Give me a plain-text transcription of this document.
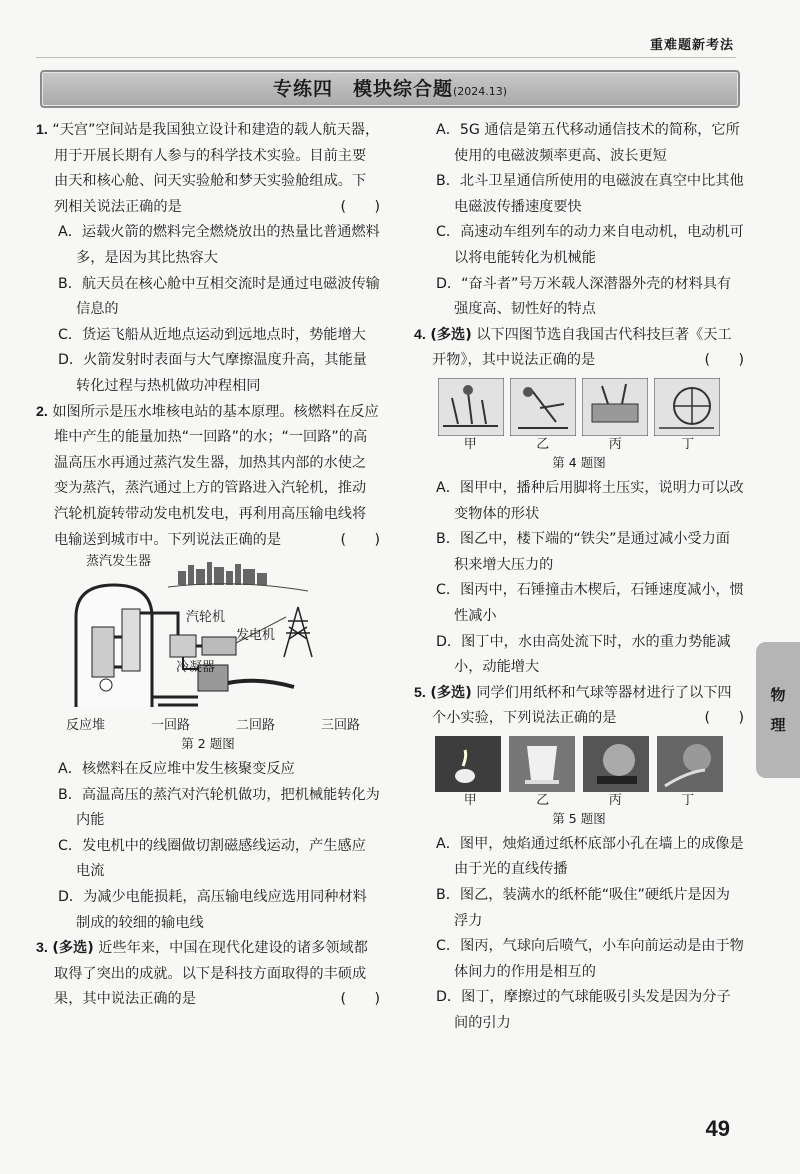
重难题新考法
专练四　模块综合题(2024.13)

1. “天宫”空间站是我国独立设计和建造的载人航天器，用于开展长期有人参与的科学技术实验。目前主要由天和核心舱、问天实验舱和梦天实验舱组成。下列相关说法正确的是	(　　)

A．运载火箭的燃料完全燃烧放出的热量比普通燃料多，是因为其比热容大

B．航天员在核心舱中互相交流时是通过电磁波传输信息的

C．货运飞船从近地点运动到远地点时，势能增大

D．火箭发射时表面与大气摩擦温度升高，其能量转化过程与热机做功冲程相同

2. 如图所示是压水堆核电站的基本原理。核燃料在反应堆中产生的能量加热“一回路”的水；“一回路”的高温高压水再通过蒸汽发生器，加热其内部的水使之变为蒸汽，蒸汽通过上方的管路进入汽轮机，推动汽轮机旋转带动发电机发电，再利用高压输电线将电输送到城市中。下列说法正确的是	(　　)

蒸汽发生器
汽轮机
发电机
冷凝器
反应堆	一回路	二回路	三回路
第 2 题图

A．核燃料在反应堆中发生核聚变反应

B．高温高压的蒸汽对汽轮机做功，把机械能转化为内能

C．发电机中的线圈做切割磁感线运动，产生感应电流

D．为减少电能损耗，高压输电线应选用同种材料制成的较细的输电线

3. (多选) 近些年来，中国在现代化建设的诸多领域都取得了突出的成就。以下是科技方面取得的丰硕成果，其中说法正确的是	(　　)

A．5G 通信是第五代移动通信技术的简称，它所使用的电磁波频率更高、波长更短

B．北斗卫星通信所使用的电磁波在真空中比其他电磁波传播速度要快

C．高速动车组列车的动力来自电动机，电动机可以将电能转化为机械能

D．“奋斗者”号万米载人深潜器外壳的材料具有强度高、韧性好的特点

4. (多选) 以下四图节选自我国古代科技巨著《天工开物》，其中说法正确的是	(　　)

甲	乙	丙	丁
第 4 题图

A．图甲中，播种后用脚将土压实，说明力可以改变物体的形状

B．图乙中，楼下端的“铁尖”是通过减小受力面积来增大压力的

C．图丙中，石锤撞击木楔后，石锤速度减小，惯性减小

D．图丁中，水由高处流下时，水的重力势能减小，动能增大

5. (多选) 同学们用纸杯和气球等器材进行了以下四个小实验，下列说法正确的是	(　　)

甲	乙	丙	丁
第 5 题图

A．图甲，烛焰通过纸杯底部小孔在墙上的成像是由于光的直线传播

B．图乙，装满水的纸杯能“吸住”硬纸片是因为浮力

C．图丙，气球向后喷气，小车向前运动是由于物体间力的作用是相互的

D．图丁，摩擦过的气球能吸引头发是因为分子间的引力

物
理
49
